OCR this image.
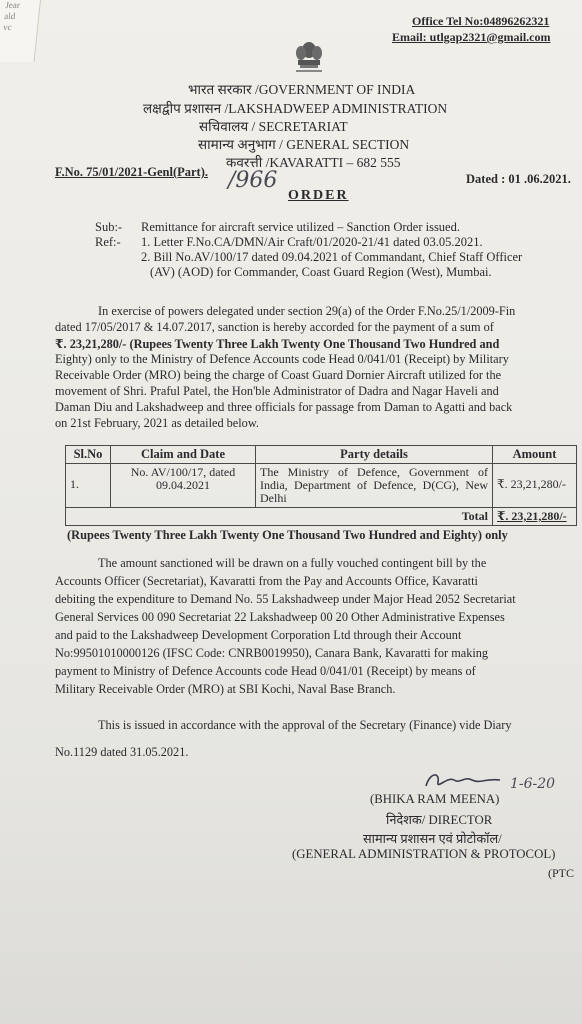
Jear
ald
vc	Office Tel No:04896262321
Email: utlgap2321@gmail.com
भारत सरकार /GOVERNMENT OF INDIA
लक्षद्वीप प्रशासन /LAKSHADWEEP ADMINISTRATION
सचिवालय / SECRETARIAT
सामान्य अनुभाग / GENERAL SECTION
कवरत्ती /KAVARATTI – 682 555
F.No. 75/01/2021-Genl(Part). /966
ORDER
Dated : 01 .06.2021.
Sub:- Remittance for aircraft service utilized – Sanction Order issued.
Ref:- 1. Letter F.No.CA/DMN/Air Craft/01/2020-21/41 dated 03.05.2021.
2. Bill No.AV/100/17 dated 09.04.2021 of Commandant, Chief Staff Officer
(AV) (AOD) for Commander, Coast Guard Region (West), Mumbai.
In exercise of powers delegated under section 29(a) of the Order F.No.25/1/2009-Fin
dated 17/05/2017 & 14.07.2017, sanction is hereby accorded for the payment of a sum of
₹. 23,21,280/- (Rupees Twenty Three Lakh Twenty One Thousand Two Hundred and
Eighty) only to the Ministry of Defence Accounts code Head 0/041/01 (Receipt) by Military
Receivable Order (MRO) being the charge of Coast Guard Dornier Aircraft utilized for the
movement of Shri. Praful Patel, the Hon'ble Administrator of Dadra and Nagar Haveli and
Daman Diu and Lakshadweep and three officials for passage from Daman to Agatti and back
on 21st February, 2021 as detailed below.
Sl.No	Claim and Date	Party details	Amount
1.	No. AV/100/17, dated 09.04.2021	The Ministry of Defence, Government of India, Department of Defence, D(CG), New Delhi	₹. 23,21,280/-
Total			₹. 23,21,280/-
(Rupees Twenty Three Lakh Twenty One Thousand Two Hundred and Eighty) only
The amount sanctioned will be drawn on a fully vouched contingent bill by the
Accounts Officer (Secretariat), Kavaratti from the Pay and Accounts Office, Kavaratti
debiting the expenditure to Demand No. 55 Lakshadweep under Major Head 2052 Secretariat
General Services 00 090 Secretariat 22 Lakshadweep 00 20 Other Administrative Expenses
and paid to the Lakshadweep Development Corporation Ltd through their Account
No:99501010000126 (IFSC Code: CNRB0019950), Canara Bank, Kavaratti for making
payment to Ministry of Defence Accounts code Head 0/041/01 (Receipt) by means of
Military Receivable Order (MRO) at SBI Kochi, Naval Base Branch.
This is issued in accordance with the approval of the Secretary (Finance) vide Diary
No.1129 dated 31.05.2021.
1-6-20
(BHIKA RAM MEENA)
निदेशक/ DIRECTOR
सामान्य प्रशासन एवं प्रोटोकॉल/
(GENERAL ADMINISTRATION & PROTOCOL)
(PTC
